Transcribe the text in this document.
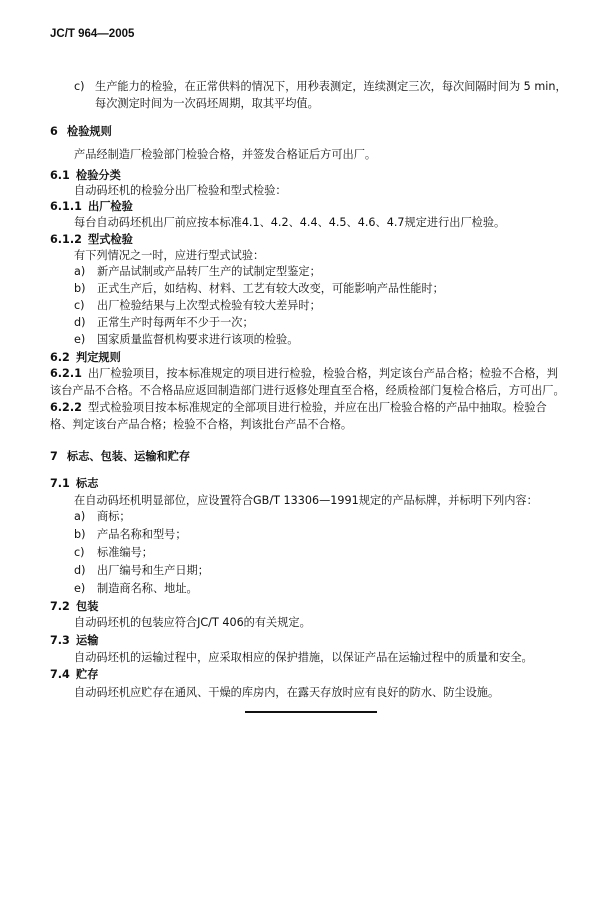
JC/T 964—2005
c) 生产能力的检验，在正常供料的情况下，用秒表测定，连续测定三次，每次间隔时间为 5 min，
每次测定时间为一次码坯周期，取其平均值。
6 检验规则
产品经制造厂检验部门检验合格，并签发合格证后方可出厂。
6.1 检验分类
自动码坯机的检验分出厂检验和型式检验：
6.1.1 出厂检验
每台自动码坯机出厂前应按本标准4.1、4.2、4.4、4.5、4.6、4.7规定进行出厂检验。
6.1.2 型式检验
有下列情况之一时，应进行型式试验：
a) 新产品试制或产品转厂生产的试制定型鉴定；
b) 正式生产后，如结构、材料、工艺有较大改变，可能影响产品性能时；
c) 出厂检验结果与上次型式检验有较大差异时；
d) 正常生产时每两年不少于一次；
e) 国家质量监督机构要求进行该项的检验。
6.2 判定规则
6.2.1 出厂检验项目，按本标准规定的项目进行检验，检验合格，判定该台产品合格；检验不合格，判
该台产品不合格。不合格品应返回制造部门进行返修处理直至合格，经质检部门复检合格后，方可出厂。
6.2.2 型式检验项目按本标准规定的全部项目进行检验，并应在出厂检验合格的产品中抽取。检验合
格、判定该台产品合格；检验不合格，判该批台产品不合格。
7 标志、包装、运输和贮存
7.1 标志
在自动码坯机明显部位，应设置符合GB/T 13306—1991规定的产品标牌，并标明下列内容：
a) 商标；
b) 产品名称和型号；
c) 标准编号；
d) 出厂编号和生产日期；
e) 制造商名称、地址。
7.2 包装
自动码坯机的包装应符合JC/T 406的有关规定。
7.3 运输
自动码坯机的运输过程中，应采取相应的保护措施，以保证产品在运输过程中的质量和安全。
7.4 贮存
自动码坯机应贮存在通风、干燥的库房内，在露天存放时应有良好的防水、防尘设施。
